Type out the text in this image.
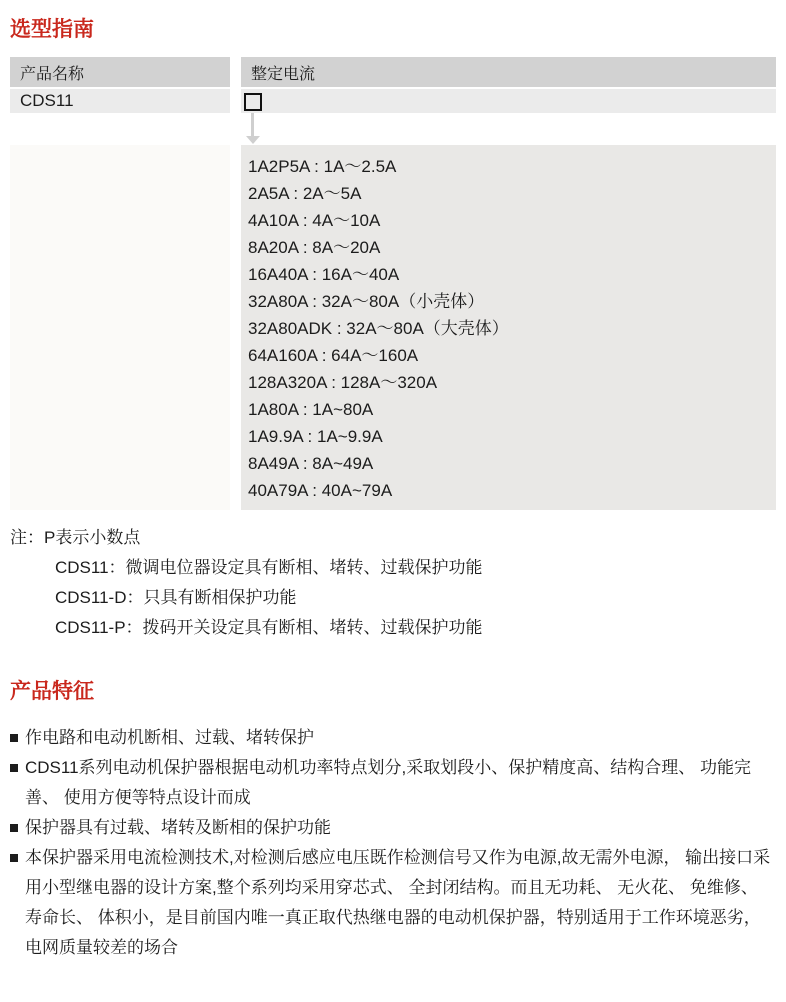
选型指南
产品名称	整定电流
CDS11
1A2P5A : 1A～2.5A
2A5A : 2A～5A
4A10A : 4A～10A
8A20A : 8A～20A
16A40A : 16A～40A
32A80A : 32A～80A（小壳体）
32A80ADK : 32A～80A（大壳体）
64A160A : 64A～160A
128A320A : 128A～320A
1A80A : 1A~80A
1A9.9A : 1A~9.9A
8A49A : 8A~49A
40A79A : 40A~79A
注：P表示小数点
CDS11：微调电位器设定具有断相、堵转、过载保护功能
CDS11-D：只具有断相保护功能
CDS11-P：拨码开关设定具有断相、堵转、过载保护功能
产品特征
作电路和电动机断相、过载、堵转保护
CDS11系列电动机保护器根据电动机功率特点划分,采取划段小、保护精度高、结构合理、 功能完善、 使用方便等特点设计而成
保护器具有过载、堵转及断相的保护功能
本保护器采用电流检测技术,对检测后感应电压既作检测信号又作为电源,故无需外电源， 输出接口采用小型继电器的设计方案,整个系列均采用穿芯式、 全封闭结构。而且无功耗、 无火花、 免维修、 寿命长、 体积小，是目前国内唯一真正取代热继电器的电动机保护器，特别适用于工作环境恶劣，电网质量较差的场合
